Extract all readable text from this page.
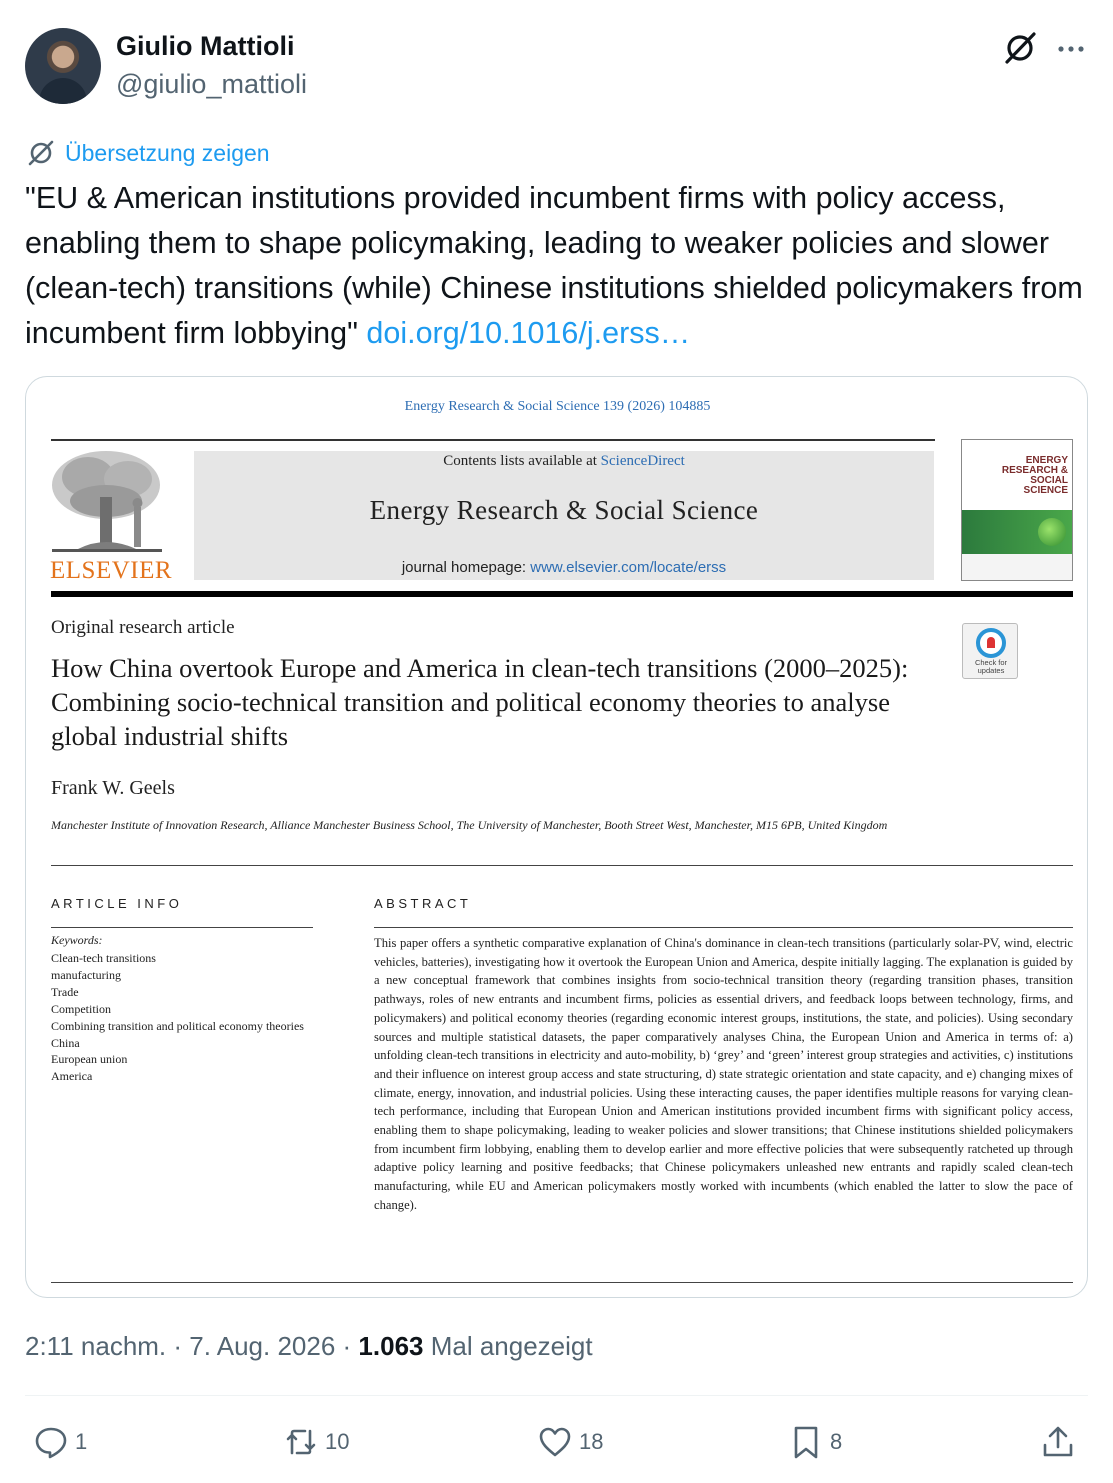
Giulio Mattioli
@giulio_mattioli
Übersetzung zeigen
"EU & American institutions provided incumbent firms with policy access, enabling them to shape policymaking, leading to weaker policies and slower (clean-tech) transitions (while) Chinese institutions shielded policymakers from incumbent firm lobbying" doi.org/10.1016/j.erss…
Energy Research & Social Science 139 (2026) 104885
ELSEVIER
Contents lists available at ScienceDirect
Energy Research & Social Science
journal homepage: www.elsevier.com/locate/erss
ENERGY RESEARCH & SOCIAL SCIENCE
Original research article
How China overtook Europe and America in clean-tech transitions (2000–2025): Combining socio-technical transition and political economy theories to analyse global industrial shifts
Check for updates
Frank W. Geels
Manchester Institute of Innovation Research, Alliance Manchester Business School, The University of Manchester, Booth Street West, Manchester, M15 6PB, United Kingdom
ARTICLE INFO	ABSTRACT
Keywords:
Clean-tech transitions
manufacturing
Trade
Competition
Combining transition and political economy theories
China
European union
America
This paper offers a synthetic comparative explanation of China's dominance in clean-tech transitions (particularly solar-PV, wind, electric vehicles, batteries), investigating how it overtook the European Union and America, despite initially lagging. The explanation is guided by a new conceptual framework that combines insights from socio-technical transition theory (regarding transition phases, transition pathways, roles of new entrants and incumbent firms, policies as essential drivers, and feedback loops between technology, firms, and policymakers) and political economy theories (regarding economic interest groups, institutions, the state, and policies). Using secondary sources and multiple statistical datasets, the paper comparatively analyses China, the European Union and America in terms of: a) unfolding clean-tech transitions in electricity and auto-mobility, b) ‘grey’ and ‘green’ interest group strategies and activities, c) institutions and their influence on interest group access and state structuring, d) state strategic orientation and state capacity, and e) changing mixes of climate, energy, innovation, and industrial policies. Using these interacting causes, the paper identifies multiple reasons for varying clean-tech performance, including that European Union and American institutions provided incumbent firms with significant policy access, enabling them to shape policymaking, leading to weaker policies and slower transitions; that Chinese institutions shielded policymakers from incumbent firm lobbying, enabling them to develop earlier and more effective policies that were subsequently ratcheted up through adaptive policy learning and positive feedbacks; that Chinese policymakers unleashed new entrants and rapidly scaled clean-tech manufacturing, while EU and American policymakers mostly worked with incumbents (which enabled the latter to slow the pace of change).
2:11 nachm. · 7. Aug. 2026 · 1.063 Mal angezeigt
1	10	18	8
